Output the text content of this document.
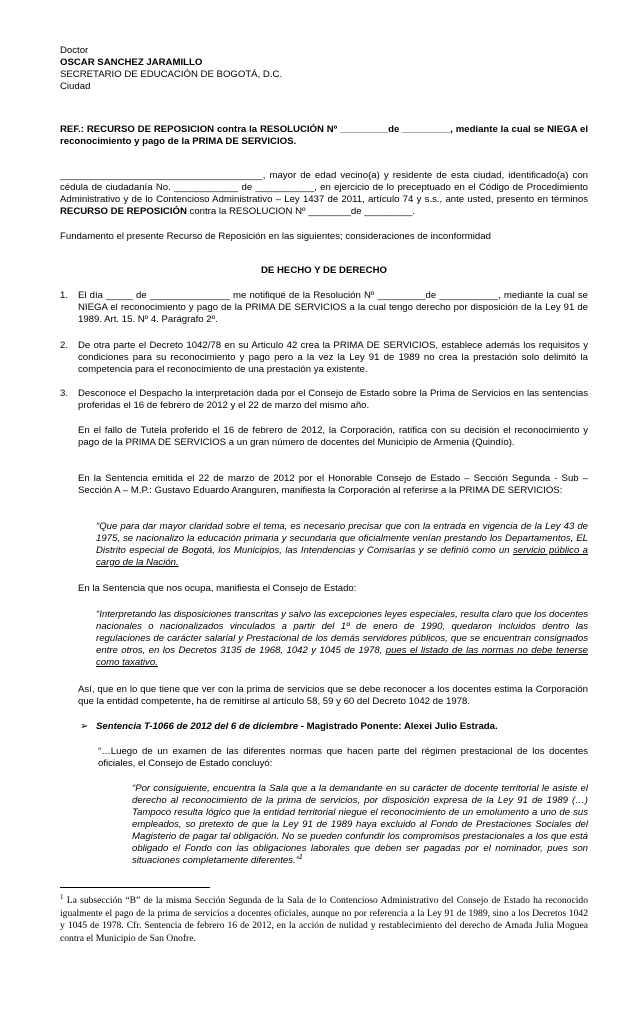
Doctor
OSCAR SANCHEZ JARAMILLO
SECRETARIO DE EDUCACIÓN DE BOGOTÁ, D.C.
Ciudad
REF.: RECURSO DE REPOSICION contra la RESOLUCIÓN Nº _________de _________, mediante la cual se NIEGA el reconocimiento y pago de la PRIMA DE SERVICIOS.
______________________________________, mayor de edad vecino(a) y residente de esta ciudad, identificado(a) con cédula de ciudadanía No. ____________ de ___________, en ejercicio de lo preceptuado en el Código de Procedimiento Administrativo y de lo Contencioso Administrativo – Ley 1437 de 2011, artículo 74 y s.s., ante usted, presento en términos RECURSO DE REPOSICIÓN contra la RESOLUCION Nº ________de _________.
Fundamento el presente Recurso de Reposición en las siguientes; consideraciones de inconformidad
DE HECHO Y DE DERECHO
1.	El día _____ de _______________ me notifiqué de la Resolución Nº _________de ___________, mediante la cual se NIEGA el reconocimiento y pago de la PRIMA DE SERVICIOS a la cual tengo derecho por disposición de la Ley 91 de 1989. Art. 15. Nº 4. Parágrafo 2º.
2.	De otra parte el Decreto 1042/78 en su Articulo 42 crea la PRIMA DE SERVICIOS, establece además los requisitos y condiciones para su reconocimiento y pago pero a la vez la Ley 91 de 1989 no crea la prestación solo delimitó la competencia para el reconocimiento de una prestación ya existente.
3.	Desconoce el Despacho la interpretación dada por el Consejo de Estado sobre la Prima de Servicios en las sentencias proferidas el 16 de febrero de 2012 y el 22 de marzo del mismo año.
En el fallo de Tutela proferido el 16 de febrero de 2012, la Corporación, ratifica con su decisión el reconocimiento y pago de la PRIMA DE SERVICIOS a un gran número de docentes del Municipio de Armenia (Quindío).
En la Sentencia emitida el 22 de marzo de 2012 por el Honorable Consejo de Estado – Sección Segunda - Sub – Sección A – M.P.: Gustavo Eduardo Aranguren, manifiesta la Corporación al referirse a la PRIMA DE SERVICIOS:
“Que para dar mayor claridad sobre el tema, es necesario precisar que con la entrada en vigencia de la Ley 43 de 1975, se nacionalizo la educación primaria y secundaria que oficialmente venían prestando los Departamentos, EL Distrito especial de Bogotá, los Municipios, las Intendencias y Comisarías y se definió como un servicio público a cargo de la Nación.
En la Sentencia que nos ocupa, manifiesta el Consejo de Estado:
“Interpretando las disposiciones transcritas y salvo las excepciones leyes especiales, resulta claro que los docentes nacionales o nacionalizados vinculados a partir del 1º de enero de 1990, quedaron incluidos dentro las regulaciones de carácter salarial y Prestacional de los demás servidores públicos, que se encuentran consignados entre otros, en los Decretos 3135 de 1968, 1042 y 1045 de 1978, pues el listado de las normas no debe tenerse como taxativo.
Así, que en lo que tiene que ver con la prima de servicios que se debe reconocer a los docentes estima la Corporación que la entidad competente, ha de remitirse al artículo 58, 59 y 60 del Decreto 1042 de 1978.
➢ Sentencia T-1066 de 2012 del 6 de diciembre - Magistrado Ponente: Alexei Julio Estrada.
“…Luego de un examen de las diferentes normas que hacen parte del régimen prestacional de los docentes oficiales, el Consejo de Estado concluyó:
“Por consiguiente, encuentra la Sala que a la demandante en su carácter de docente territorial le asiste el derecho al reconocimiento de la prima de servicios, por disposición expresa de la Ley 91 de 1989 (…) Tampoco resulta lógico que la entidad territorial niegue el reconocimiento de un emolumento a uno de sus empleados, so pretexto de que la Ley 91 de 1989 haya excluido al Fondo de Prestaciones Sociales del Magisterio de pagar tal obligación. No se pueden confundir los compromisos prestacionales a los que está obligado el Fondo con las obligaciones laborales que deben ser pagadas por el nominador, pues son situaciones completamente diferentes.”$^1$
$^1$ La subsección “B” de la misma Sección Segunda de la Sala de lo Contencioso Administrativo del Consejo de Estado ha reconocido igualmente el pago de la prima de servicios a docentes oficiales, aunque no por referencia a la Ley 91 de 1989, sino a los Decretos 1042 y 1045 de 1978. Cfr. Sentencia de febrero 16 de 2012, en la acción de nulidad y restablecimiento del derecho de Amada Julia Moguea contra el Municipio de San Onofre.
